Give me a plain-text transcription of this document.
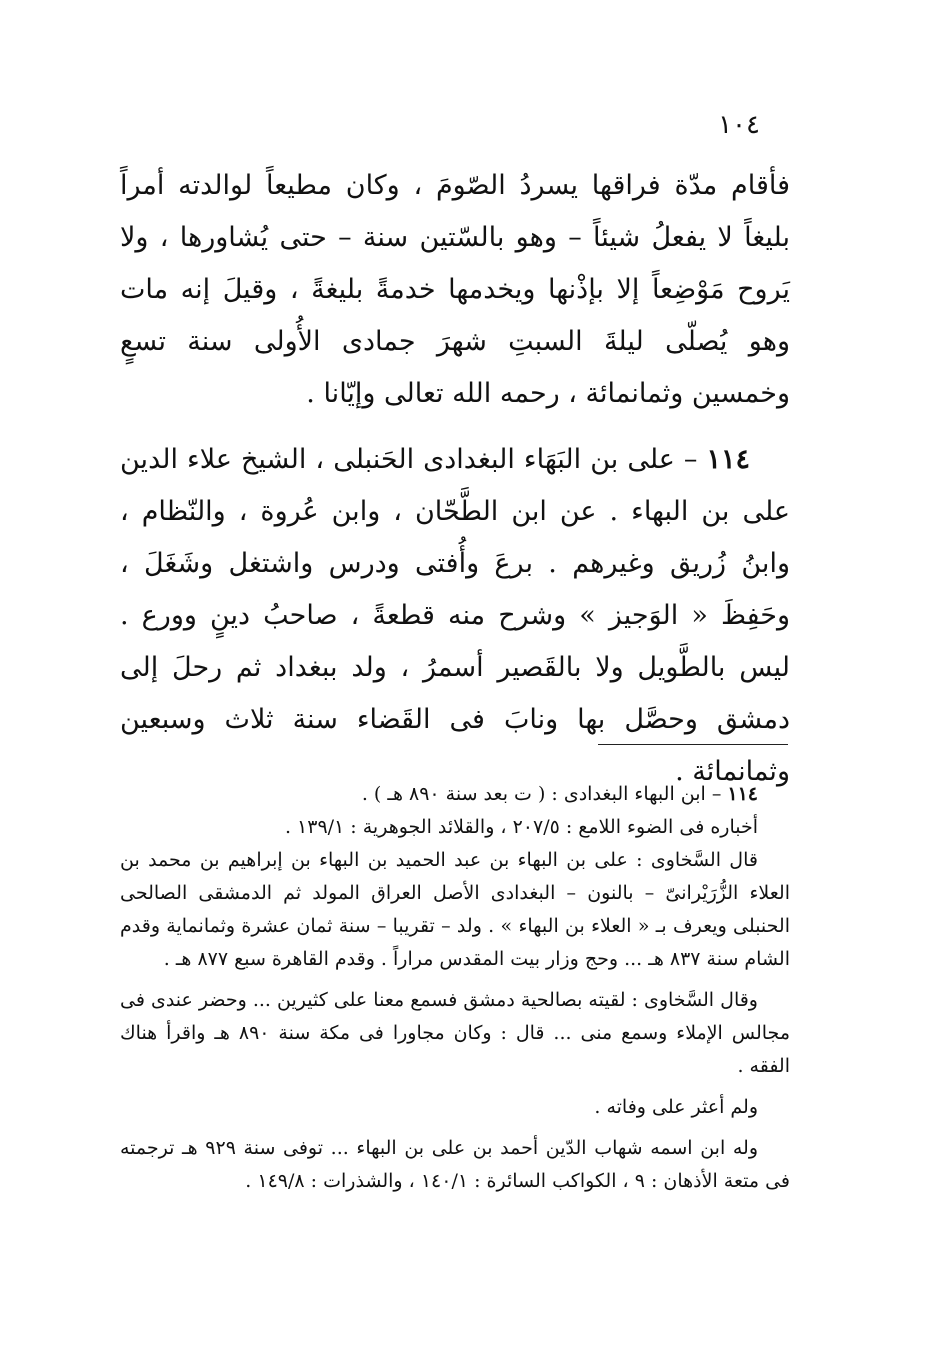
١٠٤

فأقام مدّة فراقها يسردُ الصّومَ ، وكان مطيعاً لوالدته أمراً بليغاً لا يفعلُ شيئاً – وهو بالسّتين سنة – حتى يُشاورها ، ولا يَروح مَوْضِعاً إلا بإذْنها ويخدمها خدمةً بليغةً ، وقيلَ إنه مات وهو يُصلّى ليلةَ السبتِ شهرَ جمادى الأُولى سنة تسعٍ وخمسين وثمانمائة ، رحمه الله تعالى وإيّانا .

١١٤ – على بن البَهَاء البغدادى الحَنبلى ، الشيخ علاء الدين على بن البهاء . عن ابن الطَّحّان ، وابن عُروة ، والنّظام ، وابنُ زُريق وغيرهم . برعَ وأُفتى ودرس واشتغل وشَغَلَ ، وحَفِظَ « الوَجيز » وشرح منه قطعةً ، صاحبُ دينٍ وورع . ليس بالطَّويل ولا بالقَصير أسمرُ ، ولد ببغداد ثم رحلَ إلى دمشق وحصَّل بها ونابَ فى القَضاء سنة ثلاث وسبعين وثمانمائة .

١١٤ – ابن البهاء البغدادى : ( ت بعد سنة ٨٩٠ هـ ) .

أخباره فى الضوء اللامع : ٢٠٧/٥ ، والقلائد الجوهرية : ١٣٩/١ .

قال السَّخاوى : على بن البهاء بن عبد الحميد بن البهاء بن إبراهيم بن محمد بن العلاء الزُّرَيْرانىّ – بالنون – البغدادى الأصل العراق المولد ثم الدمشقى الصالحى الحنبلى ويعرف بـ « العلاء بن البهاء » . ولد – تقريبا – سنة ثمان عشرة وثمانماية وقدم الشام سنة ٨٣٧ هـ ... وحج وزار بيت المقدس مراراً . وقدم القاهرة سبع ٨٧٧ هـ .

وقال السَّخاوى : لقيته بصالحية دمشق فسمع معنا على كثيرين ... وحضر عندى فى مجالس الإملاء وسمع منى ... قال : وكان مجاورا فى مكة سنة ٨٩٠ هـ واقرأ هناك الفقه .

ولم أعثر على وفاته .

وله ابن اسمه شهاب الدّين أحمد بن على بن البهاء ... توفى سنة ٩٢٩ هـ ترجمته فى متعة الأذهان : ٩ ، الكواكب السائرة : ١٤٠/١ ، والشذرات : ١٤٩/٨ .
